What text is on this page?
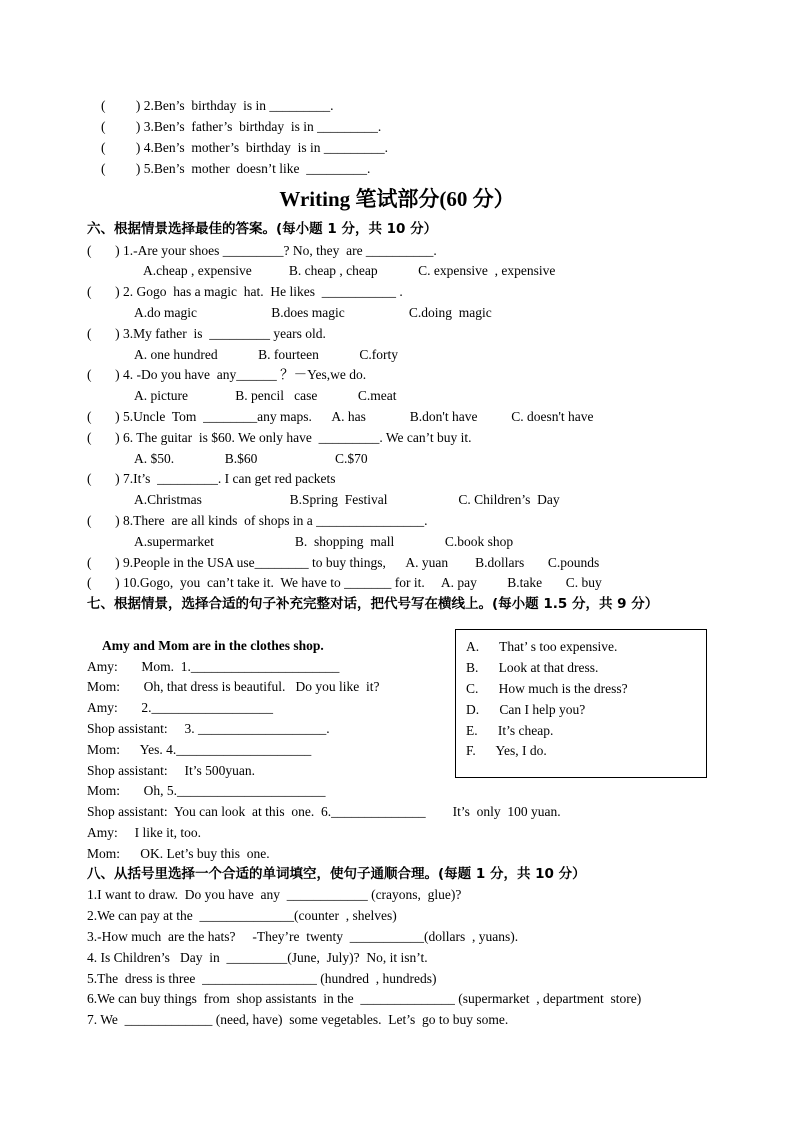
(         ) 2.Ben’s  birthday  is in _________.
(         ) 3.Ben’s  father’s  birthday  is in _________.
(         ) 4.Ben’s  mother’s  birthday  is in _________.
(         ) 5.Ben’s  mother  doesn’t like  _________.
Writing 笔试部分(60 分）
六、根据情景选择最佳的答案。(每小题 1 分，共 10 分）
(       ) 1.-Are your shoes _________? No, they  are __________.
A.cheap , expensive           B. cheap , cheap            C. expensive  , expensive
(       ) 2. Gogo  has a magic  hat.  He likes  ___________ .
A.do magic                      B.does magic                   C.doing  magic
(       ) 3.My father  is  _________ years old.
A. one hundred            B. fourteen            C.forty
(       ) 4. -Do you have  any______ ？－Yes,we do.
A. picture              B. pencil   case            C.meat
(       ) 5.Uncle  Tom  ________any maps.      A. has             B.don't have          C. doesn't have
(       ) 6. The guitar  is $60. We only have  _________. We can’t buy it.
A. $50.               B.$60                       C.$70
(       ) 7.It’s  _________. I can get red packets
A.Christmas                          B.Spring  Festival                     C. Children’s  Day
(       ) 8.There  are all kinds  of shops in a ________________.
A.supermarket                        B.  shopping  mall               C.book shop
(       ) 9.People in the USA use________ to buy things,      A. yuan        B.dollars       C.pounds
(       ) 10.Gogo,  you  can’t take it.  We have to _______ for it.     A. pay         B.take       C. buy
七、根据情景，选择合适的句子补充完整对话，把代号写在横线上。(每小题 1.5 分，共 9 分）
Amy and Mom are in the clothes shop.
Amy:       Mom.  1.______________________
Mom:       Oh, that dress is beautiful.   Do you like  it?
Amy:       2.__________________
Shop assistant:     3. ___________________.
Mom:      Yes. 4.____________________
Shop assistant:     It’s 500yuan.
Mom:       Oh, 5.______________________
Shop assistant:  You can look  at this  one.  6.______________        It’s  only  100 yuan.
Amy:     I like it, too.
Mom:      OK. Let’s buy this  one.
A.      That’ s too expensive.
B.      Look at that dress.
C.      How much is the dress?
D.      Can I help you?
E.      It’s cheap.
F.      Yes, I do.
八、从括号里选择一个合适的单词填空，使句子通顺合理。(每题 1 分，共 10 分）
1.I want to draw.  Do you have  any  ____________ (crayons,  glue)?
2.We can pay at the  ______________(counter  , shelves)
3.-How much  are the hats?     -They’re  twenty  ___________(dollars  , yuans).
4. Is Children’s   Day  in  _________(June,  July)?  No, it isn’t.
5.The  dress is three  _________________ (hundred  , hundreds)
6.We can buy things  from  shop assistants  in the  ______________ (supermarket  , department  store)
7. We  _____________ (need, have)  some vegetables.  Let’s  go to buy some.
